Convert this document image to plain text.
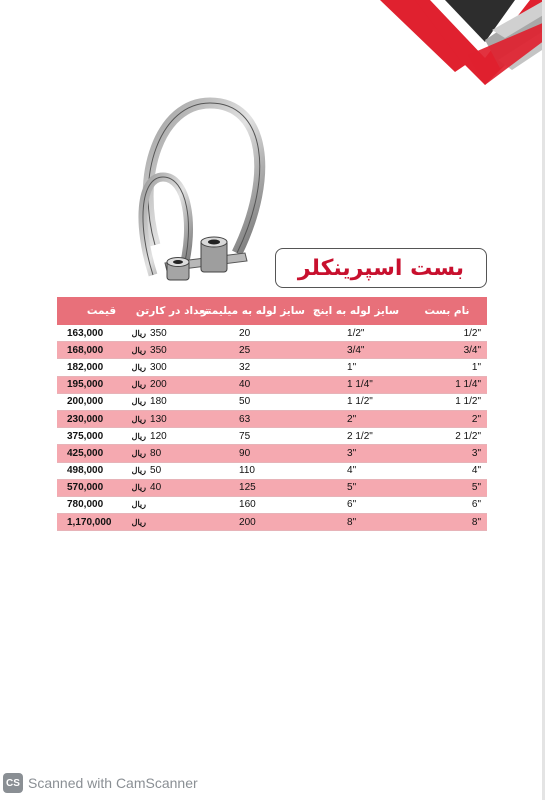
بست اسپرینکلر
قیمت		تعداد در کارتن	سایز لوله به میلیمتر	سایز لوله به اینچ	نام بست
163,000	ریال	350	20	1/2"	1/2"
168,000	ریال	350	25	3/4"	3/4"
182,000	ریال	300	32	1"	1"
195,000	ریال	200	40	1 1/4"	1 1/4"
200,000	ریال	180	50	1 1/2"	1 1/2"
230,000	ریال	130	63	2"	2"
375,000	ریال	120	75	2 1/2"	2 1/2"
425,000	ریال	80	90	3"	3"
498,000	ریال	50	110	4"	4"
570,000	ریال	40	125	5"	5"
780,000	ریال		160	6"	6"
1,170,000	ریال		200	8"	8"
CS Scanned with CamScanner
